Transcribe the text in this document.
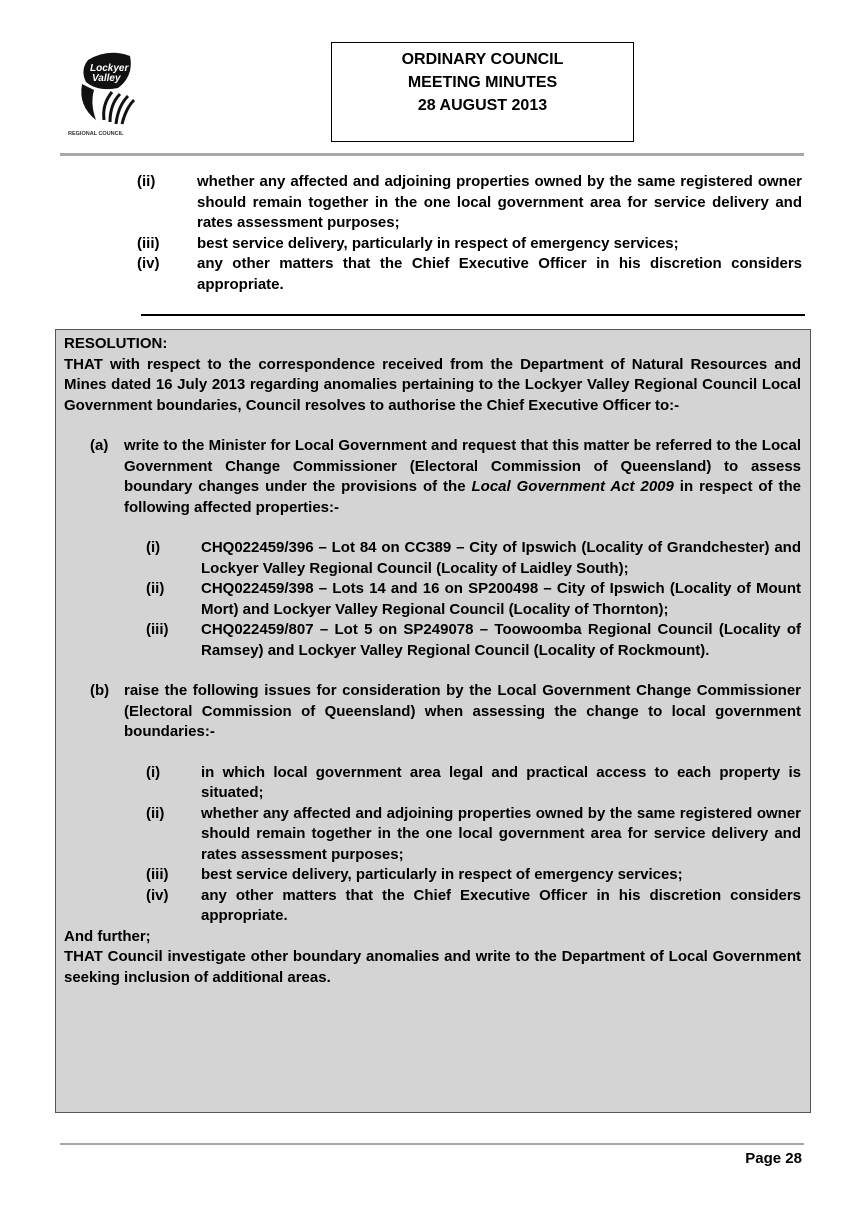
Lockyer
Valley
REGIONAL COUNCIL
ORDINARY COUNCIL
MEETING MINUTES
28 AUGUST 2013
(ii)	whether any affected and adjoining properties owned by the same registered owner should remain together in the one local government area for service delivery and rates assessment purposes;
(iii)	best service delivery, particularly in respect of emergency services;
(iv)	any other matters that the Chief Executive Officer in his discretion considers appropriate.

RESOLUTION:

THAT with respect to the correspondence received from the Department of Natural Resources and Mines dated 16 July 2013 regarding anomalies pertaining to the Lockyer Valley Regional Council Local Government boundaries, Council resolves to authorise the Chief Executive Officer to:-

(a)	write to the Minister for Local Government and request that this matter be referred to the Local Government Change Commissioner (Electoral Commission of Queensland) to assess boundary changes under the provisions of the Local Government Act 2009 in respect of the following affected properties:-
(i)	CHQ022459/396 – Lot 84 on CC389 – City of Ipswich (Locality of Grandchester) and Lockyer Valley Regional Council (Locality of Laidley South);
(ii)	CHQ022459/398 – Lots 14 and 16 on SP200498 – City of Ipswich (Locality of Mount Mort) and Lockyer Valley Regional Council (Locality of Thornton);
(iii)	CHQ022459/807 – Lot 5 on SP249078 – Toowoomba Regional Council (Locality of Ramsey) and Lockyer Valley Regional Council (Locality of Rockmount).
(b) raise the following issues for consideration by the Local Government Change Commissioner (Electoral Commission of Queensland) when assessing the change to local government boundaries:-
(i)	in which local government area legal and practical access to each property is situated;
(ii)	whether any affected and adjoining properties owned by the same registered owner should remain together in the one local government area for service delivery and rates assessment purposes;
(iii)	best service delivery, particularly in respect of emergency services;
(iv)	any other matters that the Chief Executive Officer in his discretion considers appropriate.

And further;

THAT Council investigate other boundary anomalies and write to the Department of Local Government seeking inclusion of additional areas.

Page 28
